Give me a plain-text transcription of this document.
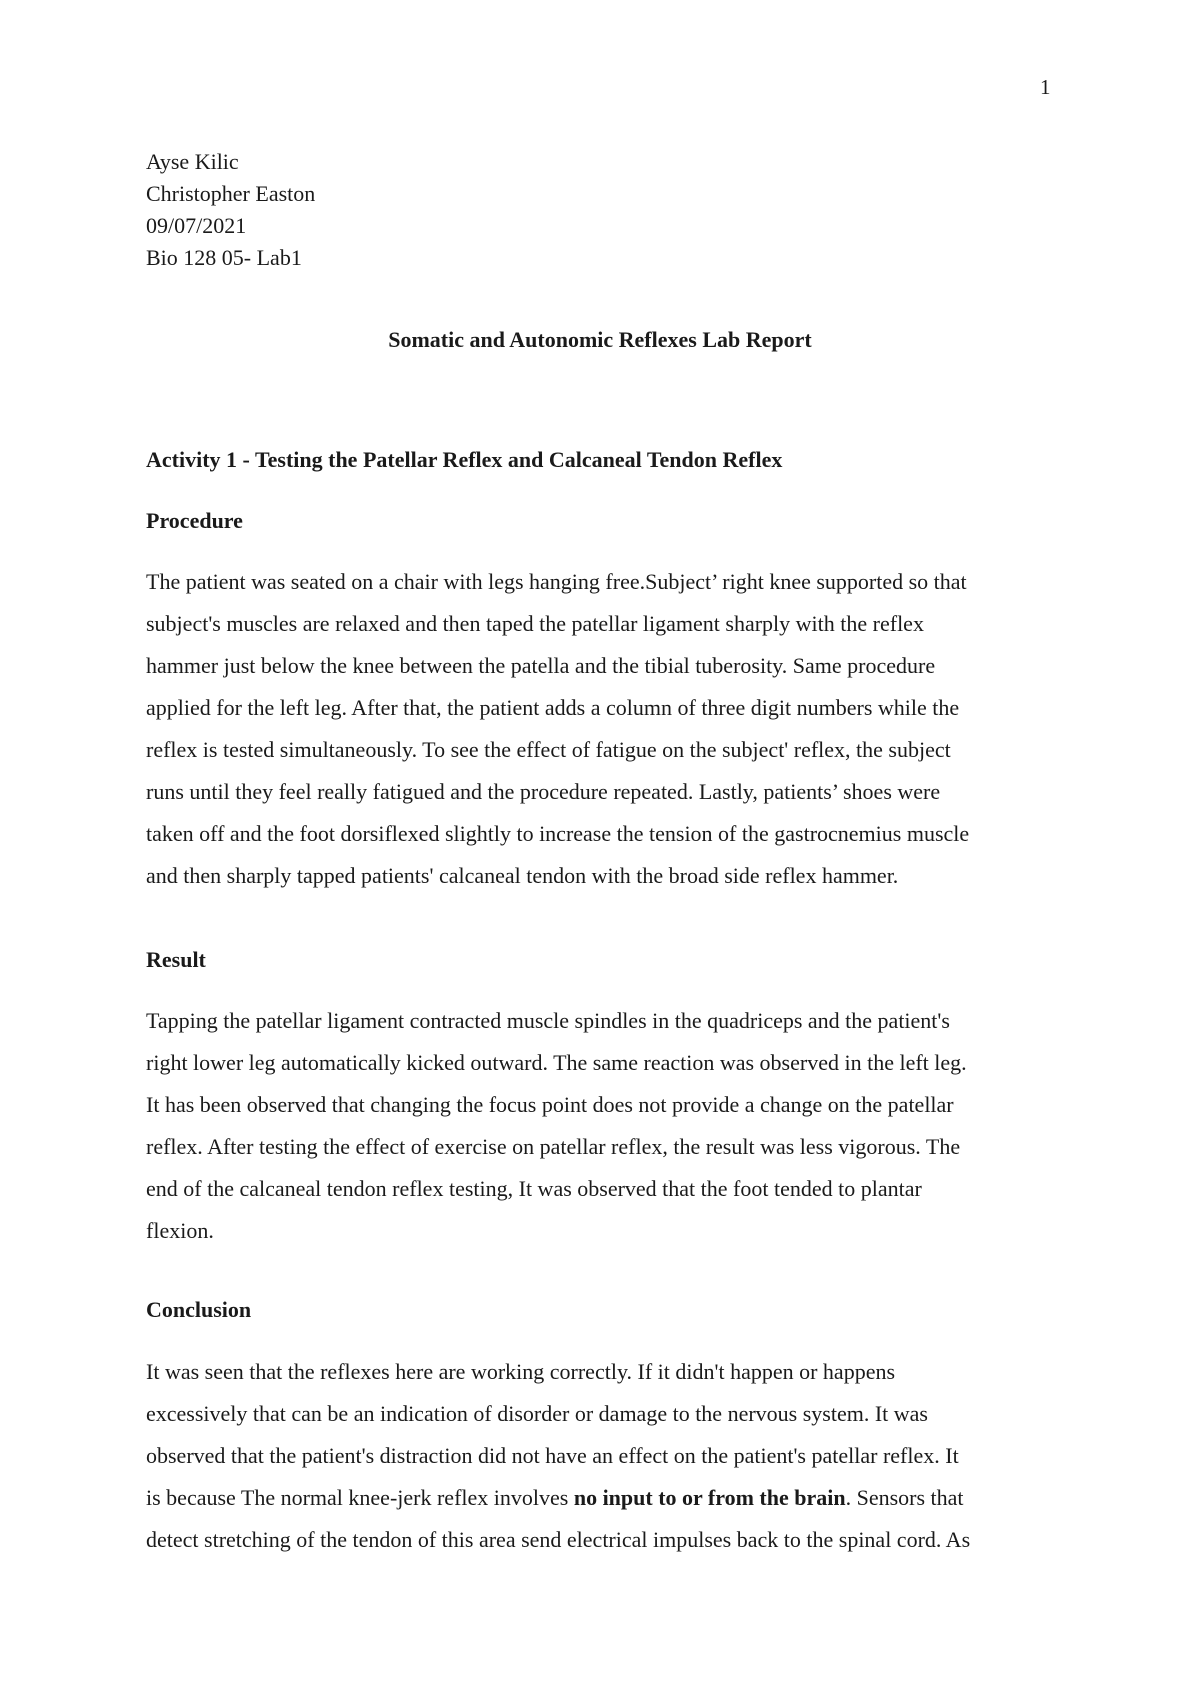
1
Ayse Kilic
Christopher Easton
09/07/2021
Bio 128 05- Lab1
Somatic and Autonomic Reflexes Lab Report
Activity 1 - Testing the Patellar Reflex and Calcaneal Tendon Reflex
Procedure
The patient was seated on a chair with legs hanging free.Subject’ right knee supported so that
subject's muscles are relaxed and then taped the patellar ligament sharply with the reflex
hammer just below the knee between the patella and the tibial tuberosity. Same procedure
applied for the left leg. After that, the patient adds a column of three digit numbers while the
reflex is tested simultaneously. To see the effect of fatigue on the subject' reflex, the subject
runs until they feel really fatigued and the procedure repeated. Lastly, patients’ shoes were
taken off and the foot dorsiflexed slightly to increase the tension of the gastrocnemius muscle
and then sharply tapped patients' calcaneal tendon with the broad side reflex hammer.
Result
Tapping the patellar ligament contracted muscle spindles in the quadriceps and the patient's
right lower leg automatically kicked outward. The same reaction was observed in the left leg.
It has been observed that changing the focus point does not provide a change on the patellar
reflex. After testing the effect of exercise on patellar reflex, the result was less vigorous. The
end of the calcaneal tendon reflex testing, It was observed that the foot tended to plantar
flexion.
Conclusion
It was seen that the reflexes here are working correctly. If it didn't happen or happens
excessively that can be an indication of disorder or damage to the nervous system. It was
observed that the patient's distraction did not have an effect on the patient's patellar reflex. It
is because The normal knee-jerk reflex involves no input to or from the brain. Sensors that
detect stretching of the tendon of this area send electrical impulses back to the spinal cord. As
